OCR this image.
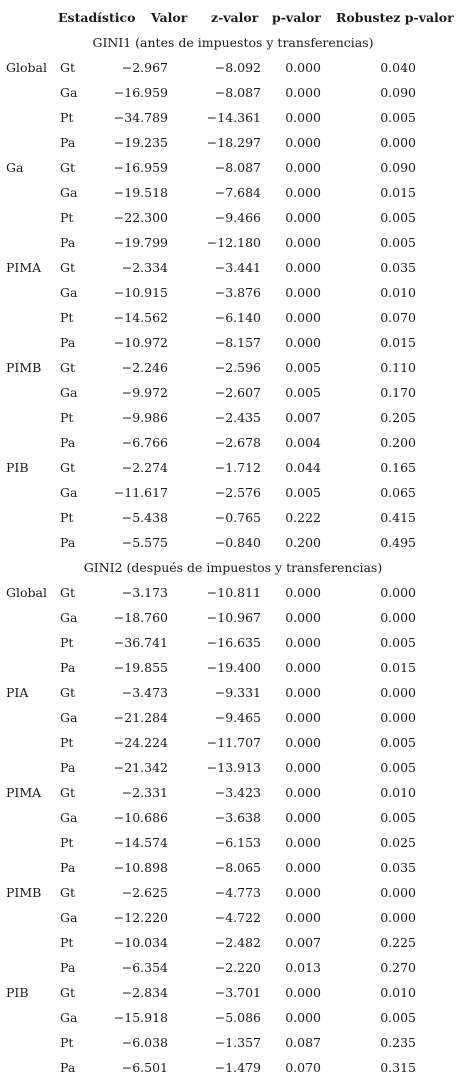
Estadístico Valor z-valor p-valor Robustez p-valor
GINI1 (antes de impuestos y transferencias)
Global Gt	−2.967	−8.092 0.000	0.040
Ga	−16.959	−8.087 0.000	0.090
Pt	−34.789	−14.361 0.000	0.005
Pa	−19.235	−18.297 0.000	0.000
Ga	Gt	−16.959	−8.087 0.000	0.090
Ga	−19.518	−7.684 0.000	0.015
Pt	−22.300	−9.466 0.000	0.005
Pa	−19.799	−12.180 0.000	0.005
PIMA Gt	−2.334	−3.441 0.000	0.035
Ga	−10.915	−3.876 0.000	0.010
Pt	−14.562	−6.140 0.000	0.070
Pa	−10.972	−8.157 0.000	0.015
PIMB Gt	−2.246	−2.596 0.005	0.110
Ga	−9.972	−2.607 0.005	0.170
Pt	−9.986	−2.435 0.007	0.205
Pa	−6.766	−2.678 0.004	0.200
PIB	Gt	−2.274	−1.712 0.044	0.165
Ga	−11.617	−2.576 0.005	0.065
Pt	−5.438	−0.765 0.222	0.415
Pa	−5.575	−0.840 0.200	0.495
GINI2 (después de impuestos y transferencias)
Global Gt	−3.173	−10.811 0.000	0.000
Ga	−18.760	−10.967 0.000	0.000
Pt	−36.741	−16.635 0.000	0.005
Pa	−19.855	−19.400 0.000	0.015
PIA	Gt	−3.473	−9.331 0.000	0.000
Ga	−21.284	−9.465 0.000	0.000
Pt	−24.224	−11.707 0.000	0.005
Pa	−21.342	−13.913 0.000	0.005
PIMA Gt	−2.331	−3.423 0.000	0.010
Ga	−10.686	−3.638 0.000	0.005
Pt	−14.574	−6.153 0.000	0.025
Pa	−10.898	−8.065 0.000	0.035
PIMB Gt	−2.625	−4.773 0.000	0.000
Ga	−12.220	−4.722 0.000	0.000
Pt	−10.034	−2.482 0.007	0.225
Pa	−6.354	−2.220 0.013	0.270
PIB	Gt	−2.834	−3.701 0.000	0.010
Ga	−15.918	−5.086 0.000	0.005
Pt	−6.038	−1.357 0.087	0.235
Pa	−6.501	−1.479 0.070	0.315
